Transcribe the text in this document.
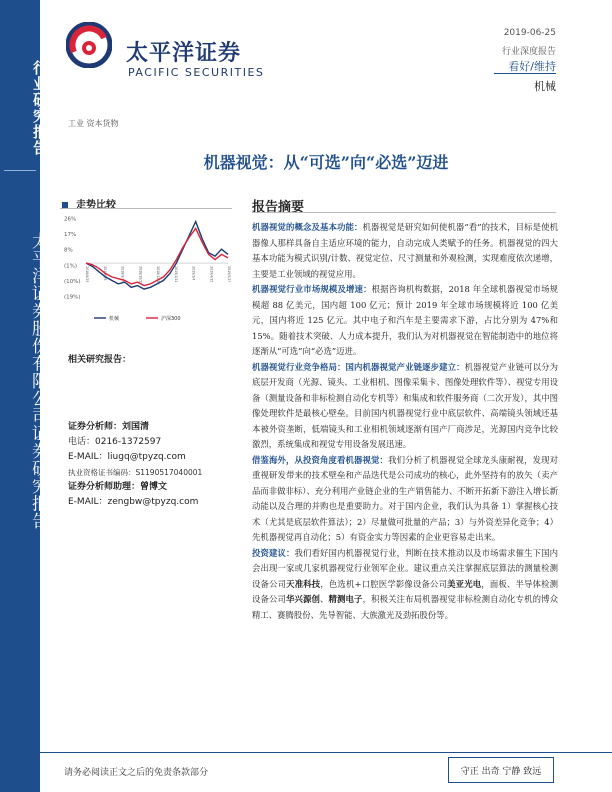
行业研究报告
太平洋证券股份有限公司证券研究报告
太平洋证券
PACIFIC SECURITIES
2019-06-25
行业深度报告
看好/维持
机械
工业 资本货物
机器视觉：从“可选”向“必选”迈进
走势比较
26%
17%
8%
(1%)
(10%)
(19%)
2018/6/25	2018/8/6	2018/9/17	2018/10/29	2018/12/10	2019/1/21	2019/3/4	2019/4/15	2019/5/27
机械	沪深300
相关研究报告：
证券分析师：刘国清
电话：0216-1372597
E-MAIL：liugq@tpyzq.com
执业资格证书编码：S1190517040001
证券分析师助理：曾博文
E-MAIL：zengbw@tpyzq.com
报告摘要

机器视觉的概念及基本功能：机器视觉是研究如何使机器“看”的技术，目标是使机器像人那样具备自主适应环境的能力，自动完成人类赋予的任务。机器视觉的四大基本功能为模式识别/计数、视觉定位、尺寸测量和外观检测，实现难度依次递增，主要是工业领域的视觉应用。

机器视觉行业市场规模及增速：根据咨询机构数据，2018 年全球机器视觉市场规模超 88 亿美元，国内超 100 亿元；预计 2019 年全球市场规模将近 100 亿美元，国内将近 125 亿元。其中电子和汽车是主要需求下游，占比分别为 47%和 15%。随着技术突破、人力成本提升，我们认为对机器视觉在智能制造中的地位将逐渐从“可选”向“必选”迈进。

机器视觉行业竞争格局：国内机器视觉产业链逐步建立：机器视觉产业链可以分为底层开发商（光源、镜头、工业相机、图像采集卡、图像处理软件等）、视觉专用设备（测量设备和非标检测自动化专机等）和集成和软件服务商（二次开发），其中图像处理软件是最核心壁垒。目前国内机器视觉行业中底层软件、高端镜头领域还基本被外资垄断，低端镜头和工业相机领域逐渐有国产厂商涉足，光源国内竞争比较激烈，系统集成和视觉专用设备发展迅速。

借鉴海外，从投资角度看机器视觉：我们分析了机器视觉全球龙头康耐视，发现对重视研发带来的技术壁垒和产品迭代是公司成功的核心，此外坚持有的放矢（卖产品而非做非标）、充分利用产业链企业的生产销售能力、不断开拓新下游注入增长新动能以及合理的并购也是重要助力。对于国内企业，我们认为具备 1）掌握核心技术（尤其是底层软件算法）；2）尽量做可批量的产品；3）与外资差异化竞争；4）先机器视觉再自动化；5）有资金实力等因素的企业更容易走出来。

投资建议：我们看好国内机器视觉行业，判断在技术推动以及市场需求催生下国内会出现一家或几家机器视觉行业领军企业。建议重点关注掌握底层算法的测量检测设备公司天准科技，色选机+口腔医学影像设备公司美亚光电，面板、半导体检测设备公司华兴源创、精测电子，积极关注布局机器视觉非标检测自动化专机的博众精工、赛腾股份、先导智能、大族激光及劲拓股份等。

请务必阅读正文之后的免责条款部分	守正 出奇 宁静 致远
